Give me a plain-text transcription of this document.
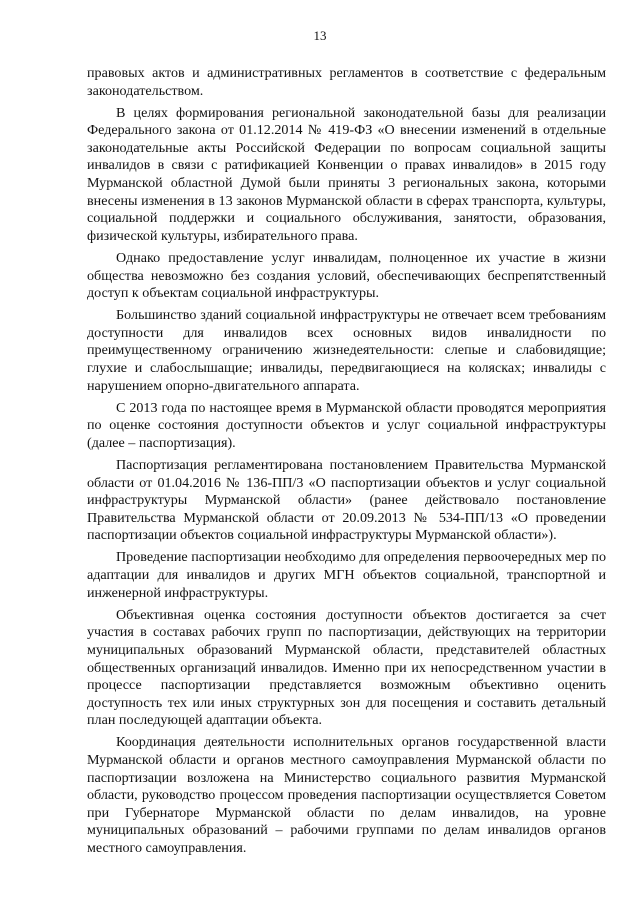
13

правовых актов и административных регламентов в соответствие с федеральным законодательством.

В целях формирования региональной законодательной базы для реализации Федерального закона от 01.12.2014 № 419-ФЗ «О внесении изменений в отдельные законодательные акты Российской Федерации по вопросам социальной защиты инвалидов в связи с ратификацией Конвенции о правах инвалидов» в 2015 году Мурманской областной Думой были приняты 3 региональных закона, которыми внесены изменения в 13 законов Мурманской области в сферах транспорта, культуры, социальной поддержки и социального обслуживания, занятости, образования, физической культуры, избирательного права.

Однако предоставление услуг инвалидам, полноценное их участие в жизни общества невозможно без создания условий, обеспечивающих беспрепятственный доступ к объектам социальной инфраструктуры.

Большинство зданий социальной инфраструктуры не отвечает всем требованиям доступности для инвалидов всех основных видов инвалидности по преимущественному ограничению жизнедеятельности: слепые и слабовидящие; глухие и слабослышащие; инвалиды, передвигающиеся на колясках; инвалиды с нарушением опорно-двигательного аппарата.

С 2013 года по настоящее время в Мурманской области проводятся мероприятия по оценке состояния доступности объектов и услуг социальной инфраструктуры (далее – паспортизация).

Паспортизация регламентирована постановлением Правительства Мурманской области от 01.04.2016 № 136-ПП/3 «О паспортизации объектов и услуг социальной инфраструктуры Мурманской области» (ранее действовало постановление Правительства Мурманской области от 20.09.2013 № 534-ПП/13 «О проведении паспортизации объектов социальной инфраструктуры Мурманской области»).

Проведение паспортизации необходимо для определения первоочередных мер по адаптации для инвалидов и других МГН объектов социальной, транспортной и инженерной инфраструктуры.

Объективная оценка состояния доступности объектов достигается за счет участия в составах рабочих групп по паспортизации, действующих на территории муниципальных образований Мурманской области, представителей областных общественных организаций инвалидов. Именно при их непосредственном участии в процессе паспортизации представляется возможным объективно оценить доступность тех или иных структурных зон для посещения и составить детальный план последующей адаптации объекта.

Координация деятельности исполнительных органов государственной власти Мурманской области и органов местного самоуправления Мурманской области по паспортизации возложена на Министерство социального развития Мурманской области, руководство процессом проведения паспортизации осуществляется Советом при Губернаторе Мурманской области по делам инвалидов, на уровне муниципальных образований – рабочими группами по делам инвалидов органов местного самоуправления.
